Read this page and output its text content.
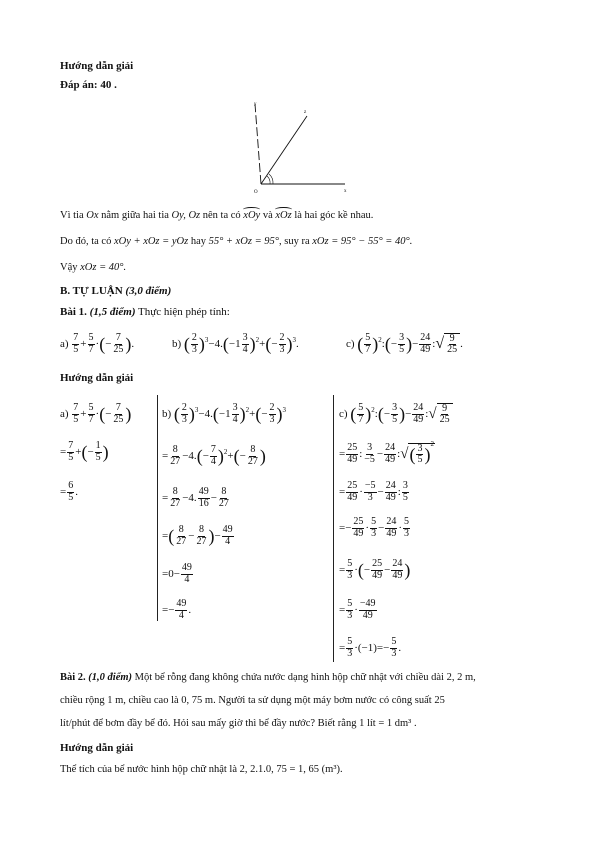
Hướng dẫn giải
Đáp án: 40 .
y
z
x
O
Vì tia Ox nằm giữa hai tia Oy, Oz nên ta có xOy và xOz là hai góc kề nhau.
Do đó, ta có xOy + xOz = yOz hay 55° + xOz = 95°, suy ra xOz = 95° − 55° = 40°.
Vậy xOz = 40°.
B. TỰ LUẬN (3,0 điểm)
Bài 1. (1,5 điểm) Thực hiện phép tính:
a)
$\frac{7}{5} + \frac{5}{7}$ · ( − $\frac{7}{25}$ ) .	b)
( $\frac{2}{3}$ ) 3 −4. ( $-1 \frac{3}{4}$ ) 2 + ( − $\frac{2}{3}$ ) 3 .	c)
( $\frac{5}{7}$ ) 2 : ( − $\frac{3}{5}$ ) − $\frac{24}{49}$ : √ $\frac{9}{25}$ .
Hướng dẫn giải
$a) \frac{7}{5} + \frac{5}{7}$ · ( − $\frac{7}{25}$ )
= $\frac{7}{5}$ + ( − $\frac{1}{5}$ )
= $\frac{6}{5}$ .
b) ( $\frac{2}{3}$ ) 3 −4. ( $-1 \frac{3}{4}$ ) 2 + ( − $\frac{2}{3}$ ) 3
= $\frac{8}{27} -4$. ( − $\frac{7}{4}$ ) 2 + ( − $\frac{8}{27}$ )
= $\frac{8}{27} -4$. $\frac{49}{16} - \frac{8}{27}$
= ( $\frac{8}{27} - \frac{8}{27}$ ) − $\frac{49}{4}$
$=0- \frac{49}{4}$
=− $\frac{49}{4}$ .
c) ( $\frac{5}{7}$ ) 2 : ( − $\frac{3}{5}$ ) − $\frac{24}{49}$ : √ $\frac{9}{25}$
= $\frac{25}{49}$ : $\frac{3}{-5} - \frac{24}{49}$ : √ ( $\frac{3}{5} )^2$
= $\frac{25}{49} \cdot \frac{-5}{3} - \frac{24}{49}$ : $\frac{3}{5}$
=− $\frac{25}{49} \cdot \frac{5}{3} - \frac{24}{49} \cdot \frac{5}{3}$
= $\frac{5}{3}$ · ( − $\frac{25}{49} - \frac{24}{49}$ )
= $\frac{5}{3} \cdot \frac{-49}{49}$
= $\frac{5}{3} \cdot(-1)=- \frac{5}{3}$ .
Bài 2. (1,0 điểm) Một bể rỗng đang không chứa nước dạng hình hộp chữ nhật với chiều dài 2, 2 m,
chiều rộng 1 m, chiều cao là 0, 75 m. Người ta sử dụng một máy bơm nước có công suất 25
lít/phút để bơm đầy bể đó. Hỏi sau mấy giờ thì bể đầy nước? Biết rằng 1 lít = 1 dm³ .
Hướng dẫn giải
Thể tích của bể nước hình hộp chữ nhật là 2, 2.1.0, 75 = 1, 65 (m³).
